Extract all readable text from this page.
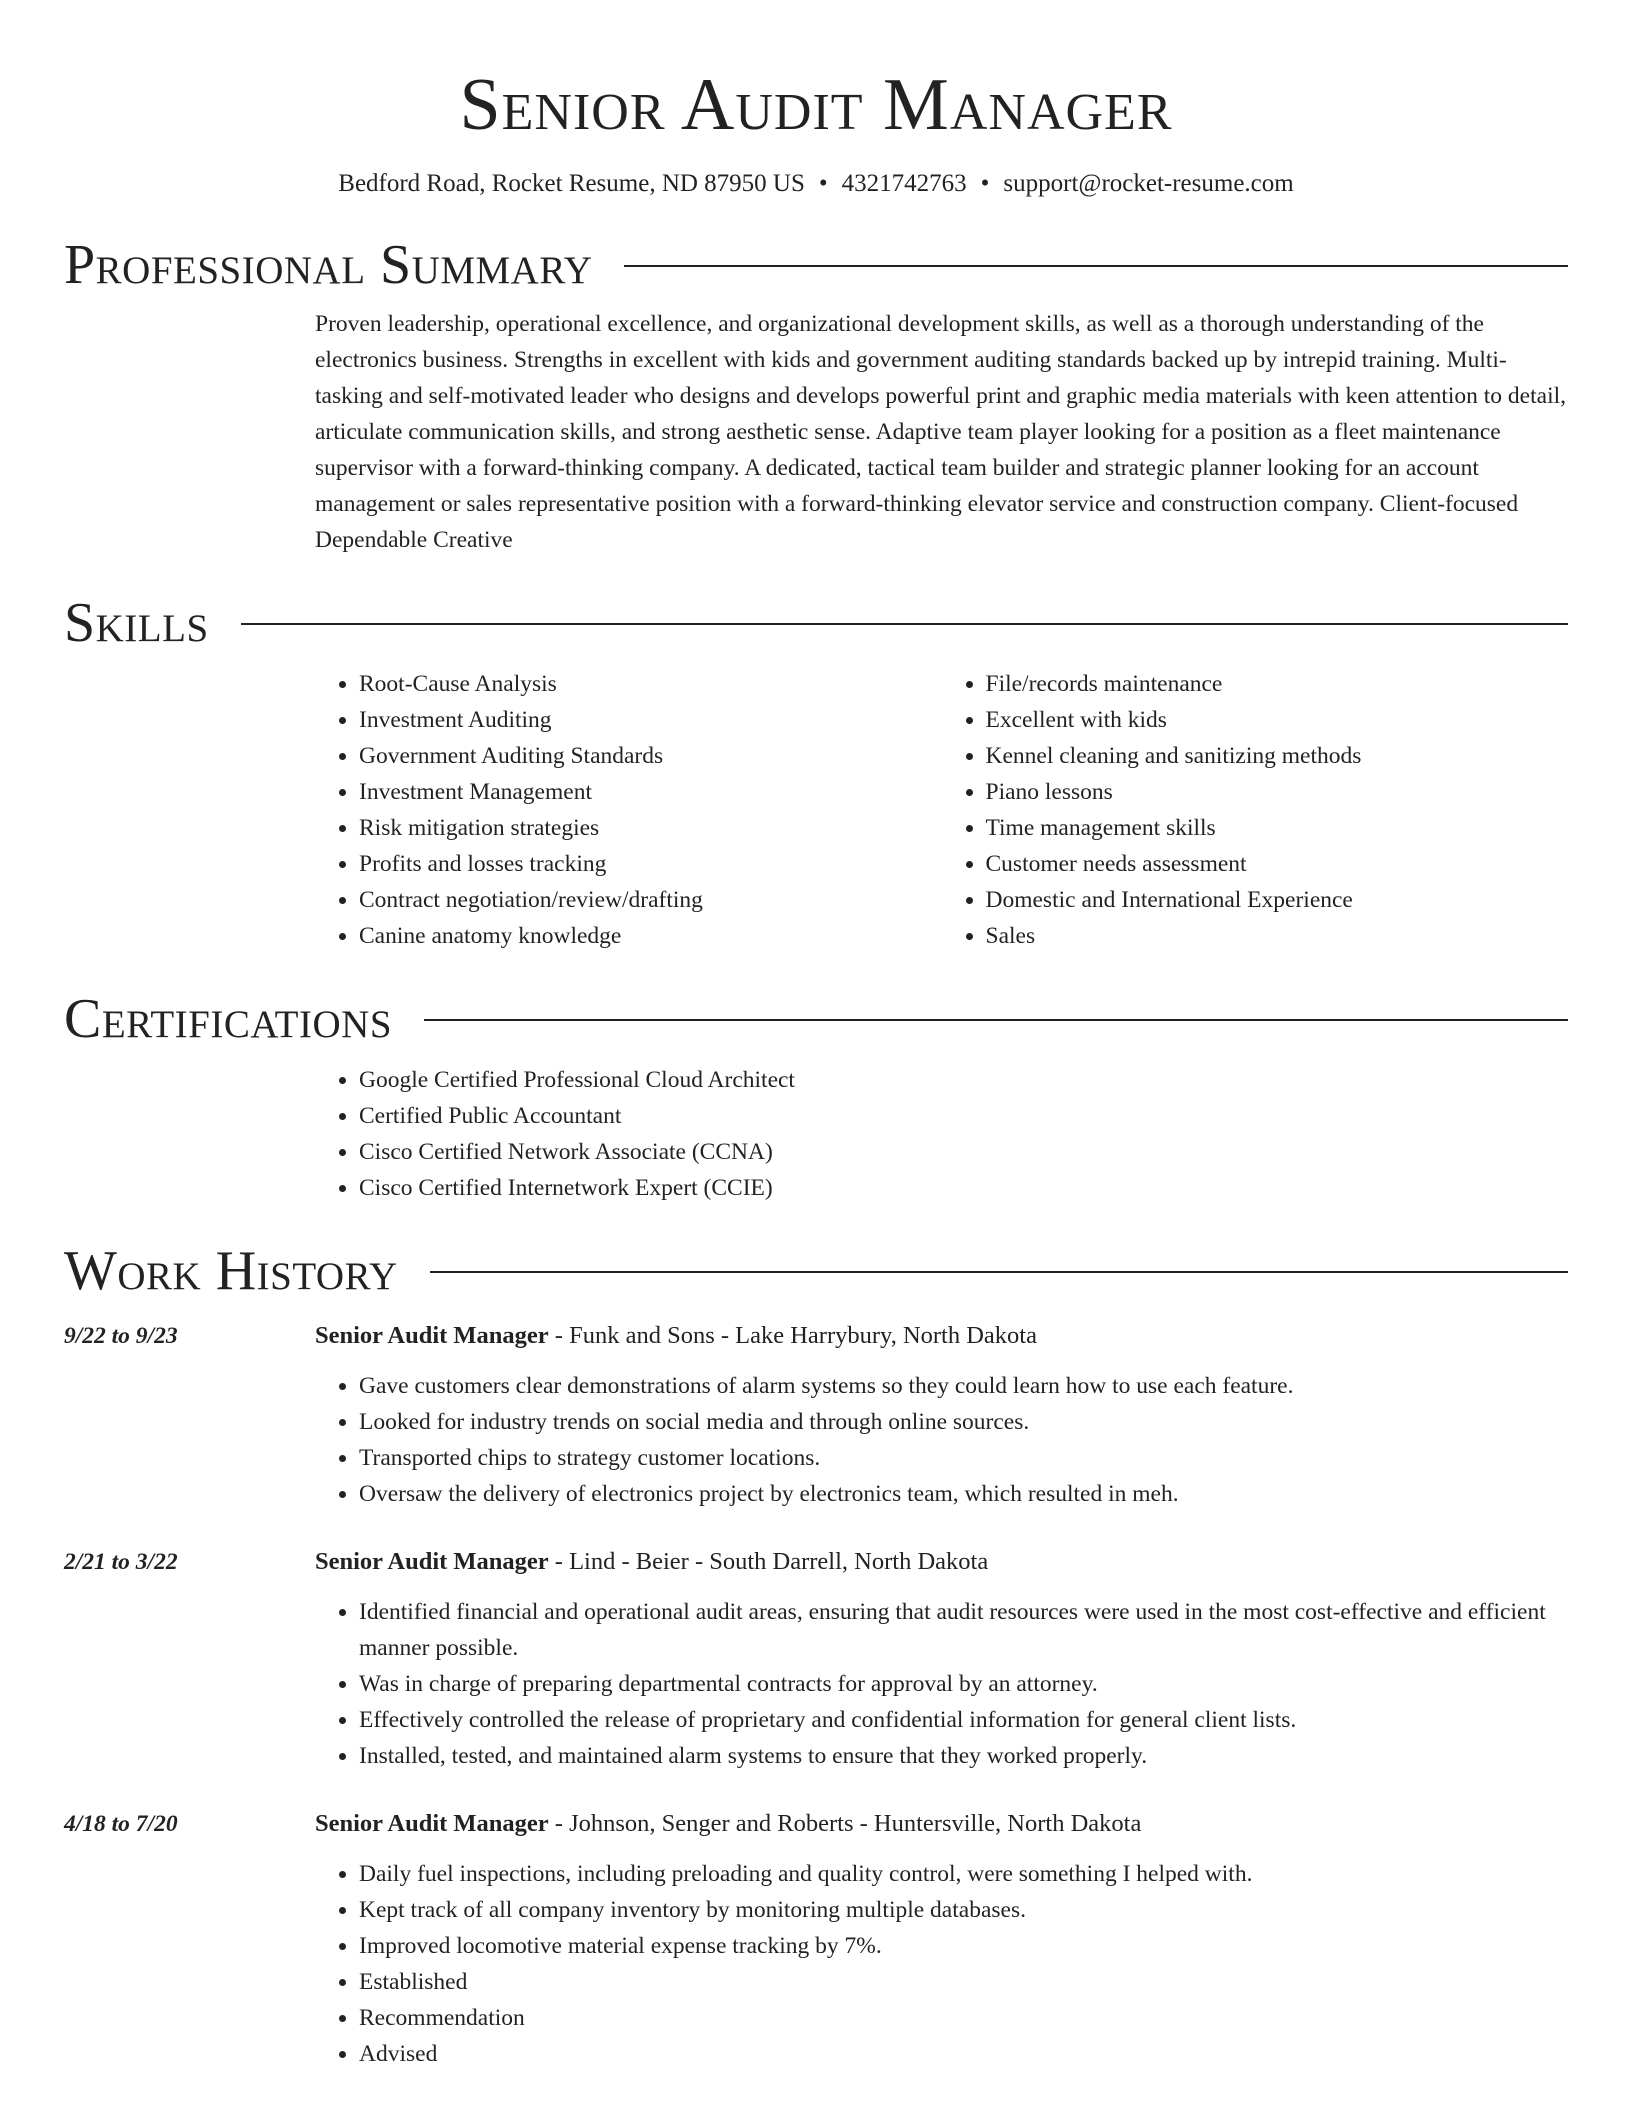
Senior Audit Manager
Bedford Road, Rocket Resume, ND 87950 US • 4321742763 • support@rocket-resume.com
Professional Summary
Proven leadership, operational excellence, and organizational development skills, as well as a thorough understanding of the electronics business. Strengths in excellent with kids and government auditing standards backed up by intrepid training. Multi-tasking and self-motivated leader who designs and develops powerful print and graphic media materials with keen attention to detail, articulate communication skills, and strong aesthetic sense. Adaptive team player looking for a position as a fleet maintenance supervisor with a forward-thinking company. A dedicated, tactical team builder and strategic planner looking for an account management or sales representative position with a forward-thinking elevator service and construction company. Client-focused Dependable Creative
Skills
• Root-Cause Analysis
• Investment Auditing
• Government Auditing Standards
• Investment Management
• Risk mitigation strategies
• Profits and losses tracking
• Contract negotiation/review/drafting
• Canine anatomy knowledge
• File/records maintenance
• Excellent with kids
• Kennel cleaning and sanitizing methods
• Piano lessons
• Time management skills
• Customer needs assessment
• Domestic and International Experience
• Sales
Certifications
• Google Certified Professional Cloud Architect
• Certified Public Accountant
• Cisco Certified Network Associate (CCNA)
• Cisco Certified Internetwork Expert (CCIE)
Work History
9/22 to 9/23	Senior Audit Manager - Funk and Sons - Lake Harrybury, North Dakota
• Gave customers clear demonstrations of alarm systems so they could learn how to use each feature.
• Looked for industry trends on social media and through online sources.
• Transported chips to strategy customer locations.
• Oversaw the delivery of electronics project by electronics team, which resulted in meh.
2/21 to 3/22	Senior Audit Manager - Lind - Beier - South Darrell, North Dakota
• Identified financial and operational audit areas, ensuring that audit resources were used in the most cost-effective and efficient manner possible.
• Was in charge of preparing departmental contracts for approval by an attorney.
• Effectively controlled the release of proprietary and confidential information for general client lists.
• Installed, tested, and maintained alarm systems to ensure that they worked properly.
4/18 to 7/20	Senior Audit Manager - Johnson, Senger and Roberts - Huntersville, North Dakota
• Daily fuel inspections, including preloading and quality control, were something I helped with.
• Kept track of all company inventory by monitoring multiple databases.
• Improved locomotive material expense tracking by 7%.
• Established
• Recommendation
• Advised
